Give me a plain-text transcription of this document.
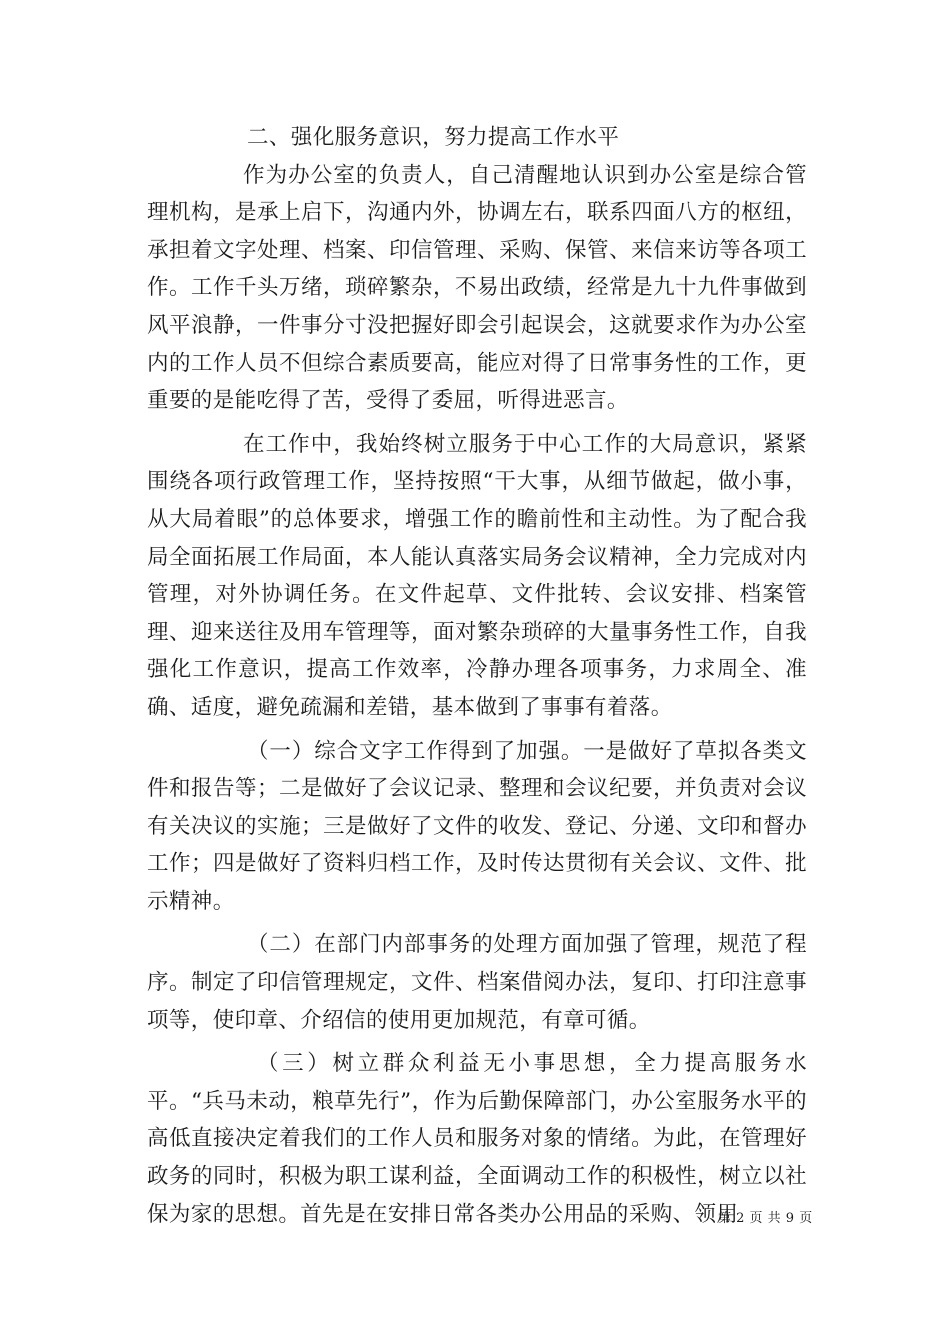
二、强化服务意识，努力提高工作水平

作为办公室的负责人，自己清醒地认识到办公室是综合管理机构，是承上启下，沟通内外，协调左右，联系四面八方的枢纽，承担着文字处理、档案、印信管理、采购、保管、来信来访等各项工作。工作千头万绪，琐碎繁杂，不易出政绩，经常是九十九件事做到风平浪静，一件事分寸没把握好即会引起误会，这就要求作为办公室内的工作人员不但综合素质要高，能应对得了日常事务性的工作，更重要的是能吃得了苦，受得了委屈，听得进恶言。

在工作中，我始终树立服务于中心工作的大局意识，紧紧围绕各项行政管理工作，坚持按照“干大事，从细节做起，做小事，从大局着眼”的总体要求，增强工作的瞻前性和主动性。为了配合我局全面拓展工作局面，本人能认真落实局务会议精神，全力完成对内管理，对外协调任务。在文件起草、文件批转、会议安排、档案管理、迎来送往及用车管理等，面对繁杂琐碎的大量事务性工作，自我强化工作意识，提高工作效率，冷静办理各项事务，力求周全、准确、适度，避免疏漏和差错，基本做到了事事有着落。

（一）综合文字工作得到了加强。一是做好了草拟各类文件和报告等；二是做好了会议记录、整理和会议纪要，并负责对会议有关决议的实施；三是做好了文件的收发、登记、分递、文印和督办工作；四是做好了资料归档工作，及时传达贯彻有关会议、文件、批示精神。

（二）在部门内部事务的处理方面加强了管理，规范了程序。制定了印信管理规定，文件、档案借阅办法，复印、打印注意事项等，使印章、介绍信的使用更加规范，有章可循。

（三）树立群众利益无小事思想，全力提高服务水平。“兵马未动，粮草先行”，作为后勤保障部门，办公室服务水平的高低直接决定着我们的工作人员和服务对象的情绪。为此，在管理好政务的同时，积极为职工谋利益，全面调动工作的积极性，树立以社保为家的思想。首先是在安排日常各类办公用品的采购、领用

第 2 页 共 9 页
